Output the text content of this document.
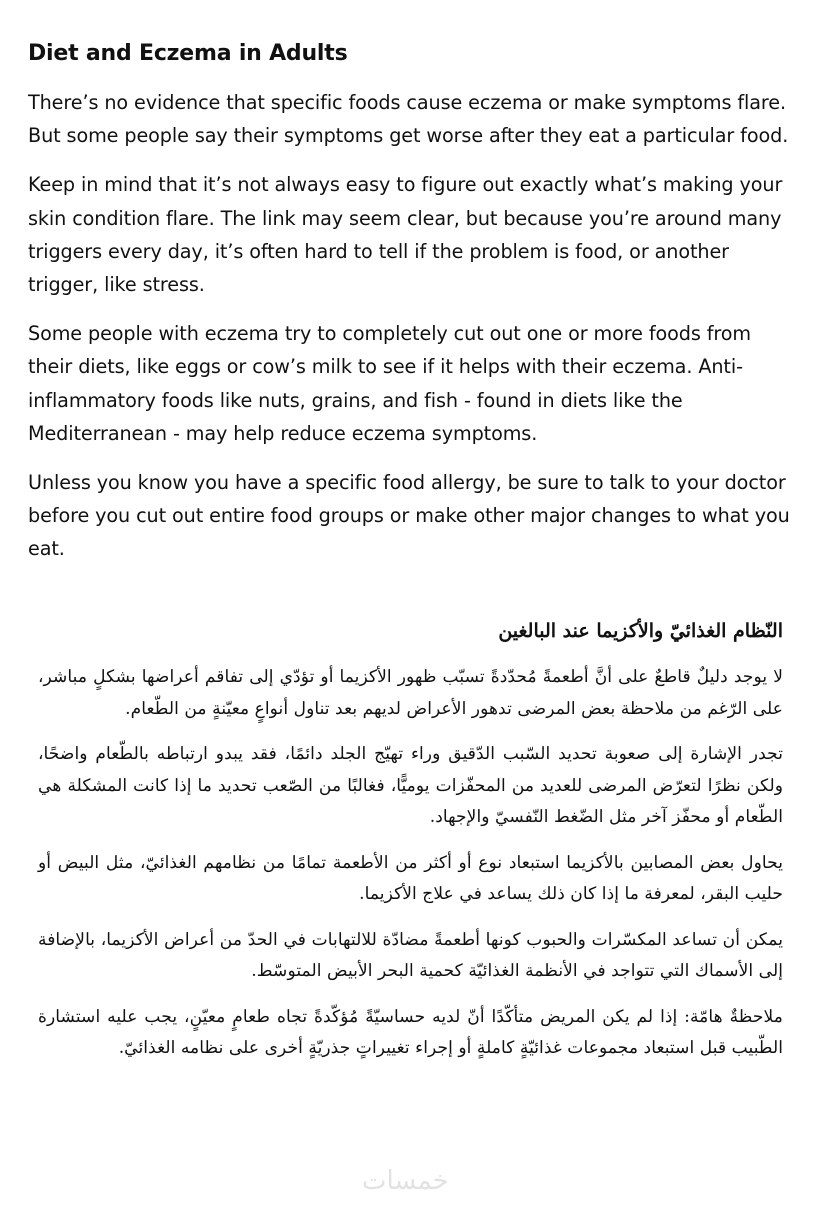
Diet and Eczema in Adults

There’s no evidence that specific foods cause eczema or make symptoms flare. But some people say their symptoms get worse after they eat a particular food.

Keep in mind that it’s not always easy to figure out exactly what’s making your skin condition flare. The link may seem clear, but because you’re around many triggers every day, it’s often hard to tell if the problem is food, or another trigger, like stress.

Some people with eczema try to completely cut out one or more foods from their diets, like eggs or cow’s milk to see if it helps with their eczema. Anti-inflammatory foods like nuts, grains, and fish - found in diets like the Mediterranean - may help reduce eczema symptoms.

Unless you know you have a specific food allergy, be sure to talk to your doctor before you cut out entire food groups or make other major changes to what you eat.

النّظام الغذائيّ والأكزيما عند البالغين

لا يوجد دليلٌ قاطعٌ على أنَّ أطعمةً مُحدّدةً تسبّب ظهور الأكزيما أو تؤدّي إلى تفاقم أعراضها بشكلٍ مباشر، على الرّغم من ملاحظة بعض المرضى تدهور الأعراض لديهم بعد تناول أنواعٍ معيّنةٍ من الطّعام.

تجدر الإشارة إلى صعوبة تحديد السّبب الدّقيق وراء تهيّج الجلد دائمًا، فقد يبدو ارتباطه بالطّعام واضحًا، ولكن نظرًا لتعرّض المرضى للعديد من المحفّزات يوميًّا، فغالبًا من الصّعب تحديد ما إذا كانت المشكلة هي الطّعام أو محفّز آخر مثل الضّغط النّفسيّ والإجهاد.

يحاول بعض المصابين بالأكزيما استبعاد نوع أو أكثر من الأطعمة تمامًا من نظامهم الغذائيّ، مثل البيض أو حليب البقر، لمعرفة ما إذا كان ذلك يساعد في علاج الأكزيما.

يمكن أن تساعد المكسّرات والحبوب كونها أطعمةً مضادّة للالتهابات في الحدّ من أعراض الأكزيما، بالإضافة إلى الأسماك التي تتواجد في الأنظمة الغذائيّة كحمية البحر الأبيض المتوسّط.

ملاحظةٌ هامّة: إذا لم يكن المريض متأكّدًا أنّ لديه حساسيّةً مُؤكّدةً تجاه طعامٍ معيّنٍ، يجب عليه استشارة الطّبيب قبل استبعاد مجموعات غذائيّةٍ كاملةٍ أو إجراء تغييراتٍ جذريّةٍ أخرى على نظامه الغذائيّ.

خمسات
